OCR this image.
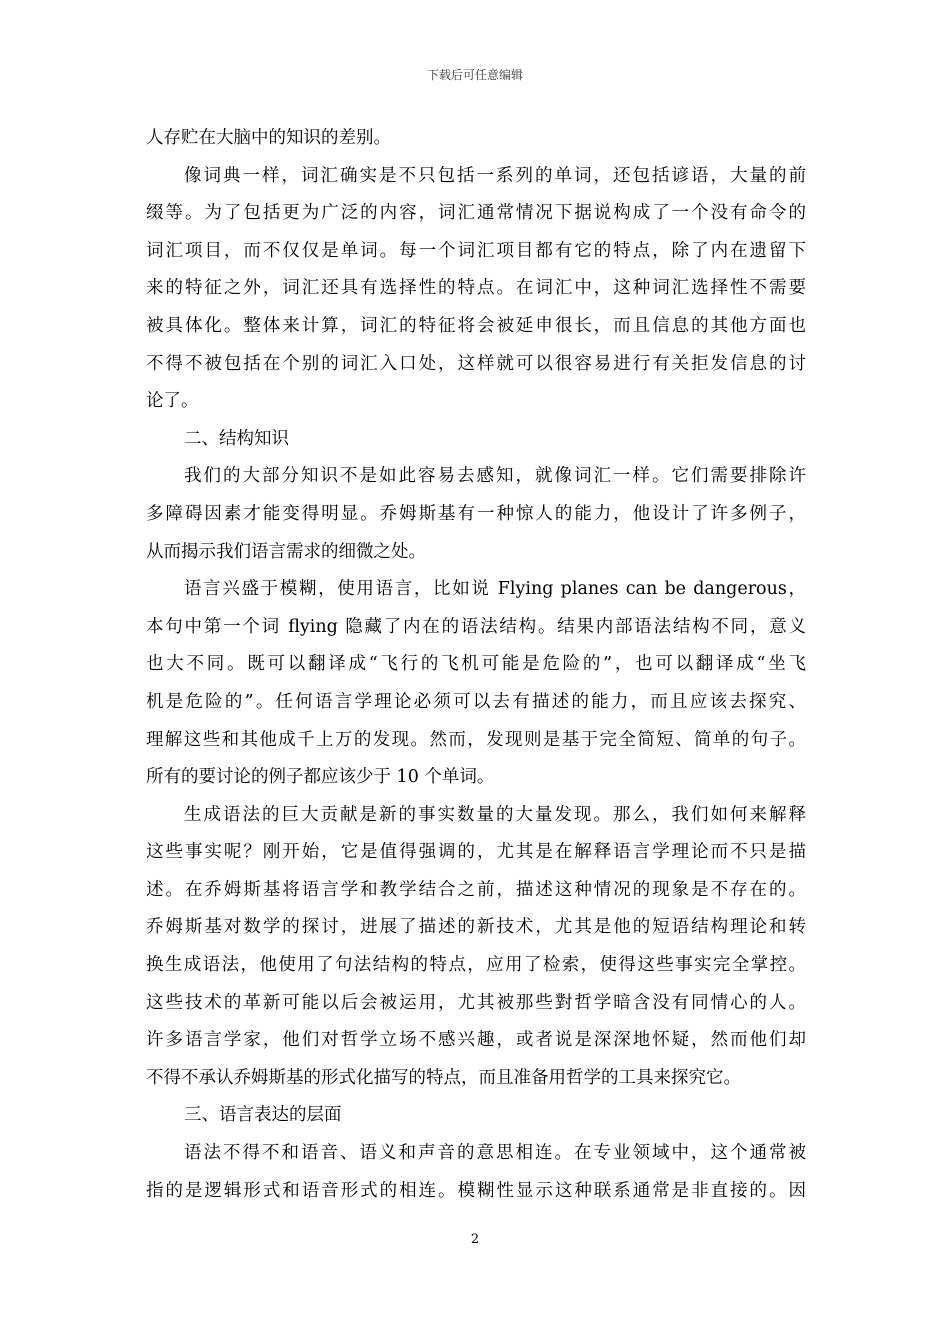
下载后可任意编辑
人存贮在大脑中的知识的差别。
像词典一样，词汇确实是不只包括一系列的单词，还包括谚语，大量的前
缀等。为了包括更为广泛的内容，词汇通常情况下据说构成了一个没有命令的
词汇项目，而不仅仅是单词。每一个词汇项目都有它的特点，除了内在遗留下
来的特征之外，词汇还具有选择性的特点。在词汇中，这种词汇选择性不需要
被具体化。整体来计算，词汇的特征将会被延申很长，而且信息的其他方面也
不得不被包括在个别的词汇入口处，这样就可以很容易进行有关拒发信息的讨
论了。
二、结构知识
我们的大部分知识不是如此容易去感知，就像词汇一样。它们需要排除许
多障碍因素才能变得明显。乔姆斯基有一种惊人的能力，他设计了许多例子，
从而揭示我们语言需求的细微之处。
语言兴盛于模糊，使用语言，比如说 Flying planes can be dangerous，
本句中第一个词 flying 隐藏了内在的语法结构。结果内部语法结构不同，意义
也大不同。既可以翻译成“飞行的飞机可能是危险的”，也可以翻译成“坐飞
机是危险的”。任何语言学理论必须可以去有描述的能力，而且应该去探究、
理解这些和其他成千上万的发现。然而，发现则是基于完全简短、简单的句子。
所有的要讨论的例子都应该少于 10 个单词。
生成语法的巨大贡献是新的事实数量的大量发现。那么，我们如何来解释
这些事实呢？刚开始，它是值得强调的，尤其是在解释语言学理论而不只是描
述。在乔姆斯基将语言学和教学结合之前，描述这种情况的现象是不存在的。
乔姆斯基对数学的探讨，进展了描述的新技术，尤其是他的短语结构理论和转
换生成语法，他使用了句法结构的特点，应用了检索，使得这些事实完全掌控。
这些技术的革新可能以后会被运用，尤其被那些對哲学暗含没有同情心的人。
许多语言学家，他们对哲学立场不感兴趣，或者说是深深地怀疑，然而他们却
不得不承认乔姆斯基的形式化描写的特点，而且准备用哲学的工具来探究它。
三、语言表达的层面
语法不得不和语音、语义和声音的意思相连。在专业领域中，这个通常被
指的是逻辑形式和语音形式的相连。模糊性显示这种联系通常是非直接的。因
2
